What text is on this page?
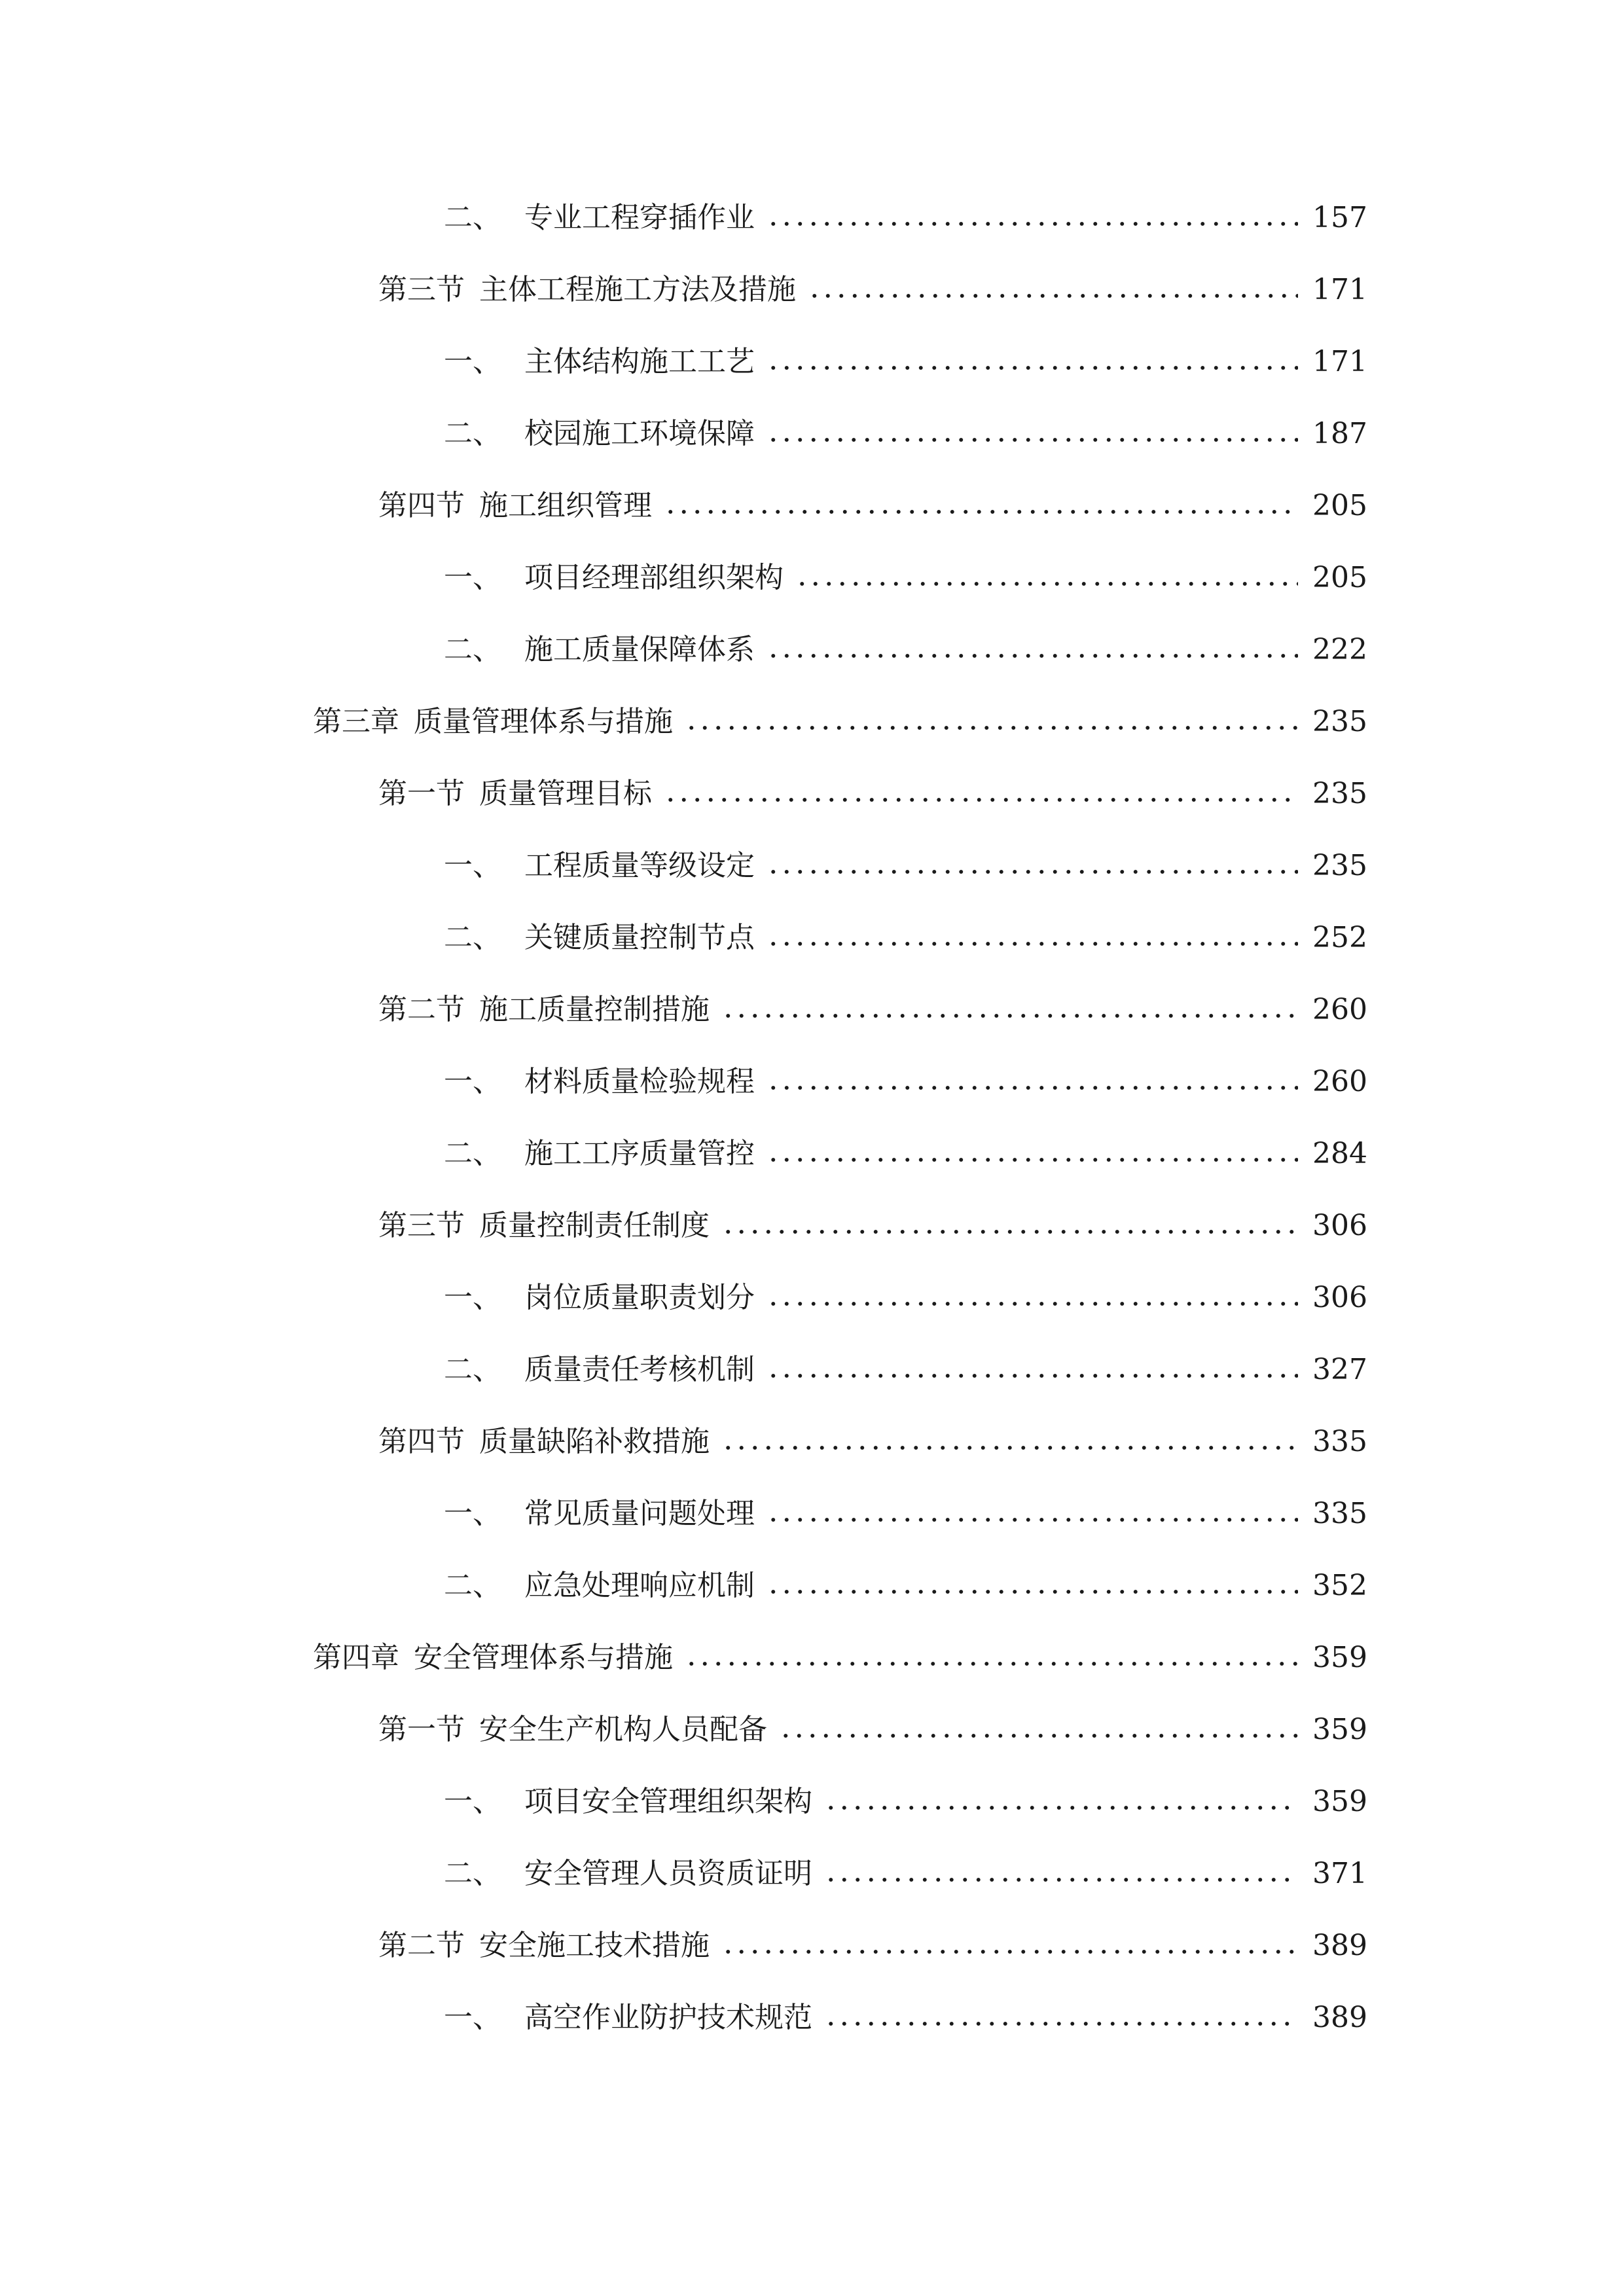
二、 专业工程穿插作业	157
第三节 主体工程施工方法及措施	171
一、 主体结构施工工艺	171
二、 校园施工环境保障	187
第四节 施工组织管理	205
一、 项目经理部组织架构	205
二、 施工质量保障体系	222
第三章 质量管理体系与措施	235
第一节 质量管理目标	235
一、 工程质量等级设定	235
二、 关键质量控制节点	252
第二节 施工质量控制措施	260
一、 材料质量检验规程	260
二、 施工工序质量管控	284
第三节 质量控制责任制度	306
一、 岗位质量职责划分	306
二、 质量责任考核机制	327
第四节 质量缺陷补救措施	335
一、 常见质量问题处理	335
二、 应急处理响应机制	352
第四章 安全管理体系与措施	359
第一节 安全生产机构人员配备	359
一、 项目安全管理组织架构	359
二、 安全管理人员资质证明	371
第二节 安全施工技术措施	389
一、 高空作业防护技术规范	389
